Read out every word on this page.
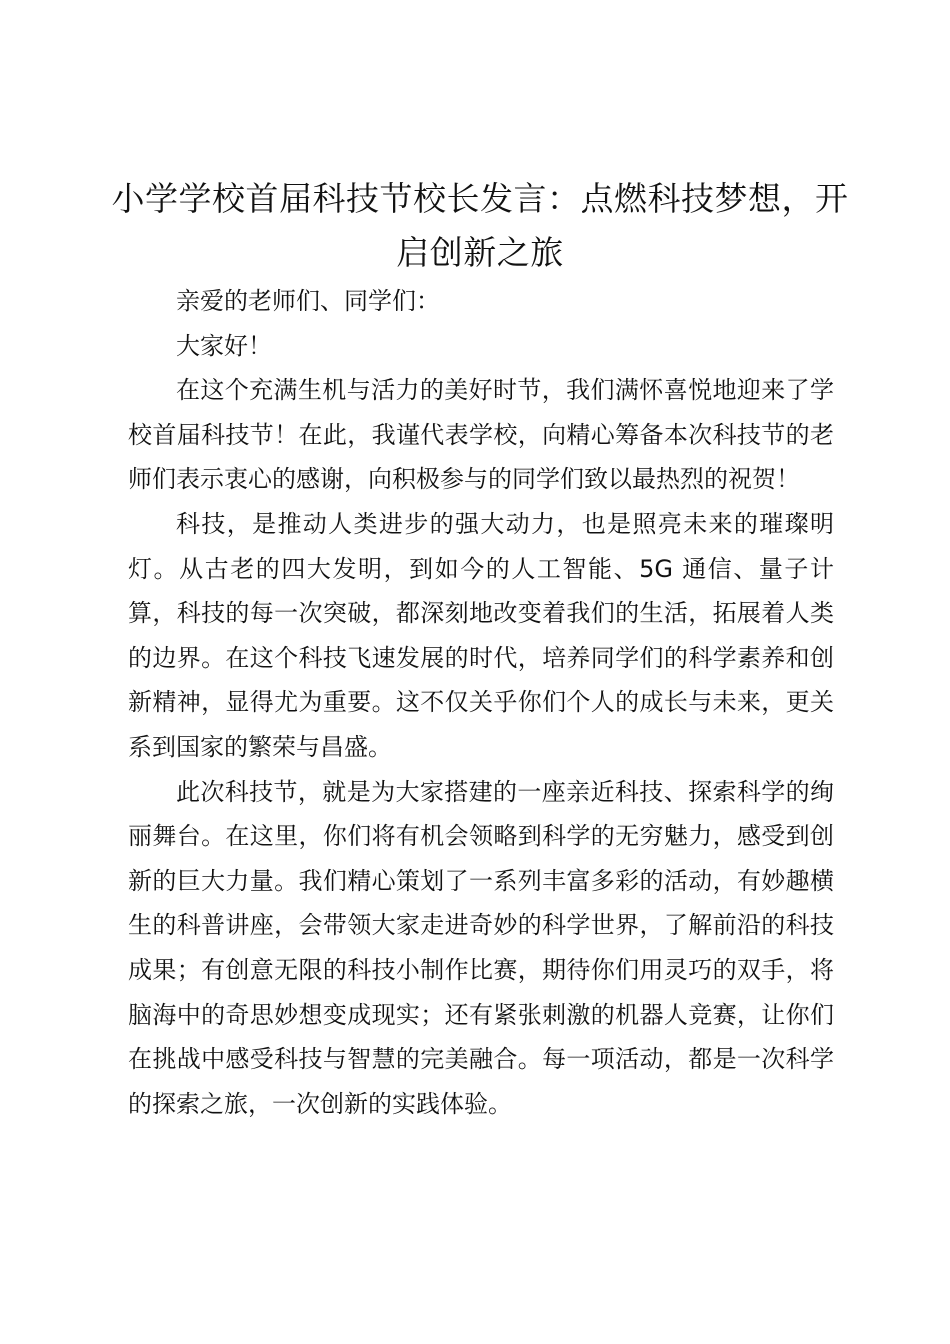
小学学校首届科技节校长发言：点燃科技梦想，开启创新之旅

亲爱的老师们、同学们：

大家好！

在这个充满生机与活力的美好时节，我们满怀喜悦地迎来了学校首届科技节！在此，我谨代表学校，向精心筹备本次科技节的老师们表示衷心的感谢，向积极参与的同学们致以最热烈的祝贺！

科技，是推动人类进步的强大动力，也是照亮未来的璀璨明灯。从古老的四大发明，到如今的人工智能、5G 通信、量子计算，科技的每一次突破，都深刻地改变着我们的生活，拓展着人类的边界。在这个科技飞速发展的时代，培养同学们的科学素养和创新精神，显得尤为重要。这不仅关乎你们个人的成长与未来，更关系到国家的繁荣与昌盛。

此次科技节，就是为大家搭建的一座亲近科技、探索科学的绚丽舞台。在这里，你们将有机会领略到科学的无穷魅力，感受到创新的巨大力量。我们精心策划了一系列丰富多彩的活动，有妙趣横生的科普讲座，会带领大家走进奇妙的科学世界，了解前沿的科技成果；有创意无限的科技小制作比赛，期待你们用灵巧的双手，将脑海中的奇思妙想变成现实；还有紧张刺激的机器人竞赛，让你们在挑战中感受科技与智慧的完美融合。每一项活动，都是一次科学的探索之旅，一次创新的实践体验。
